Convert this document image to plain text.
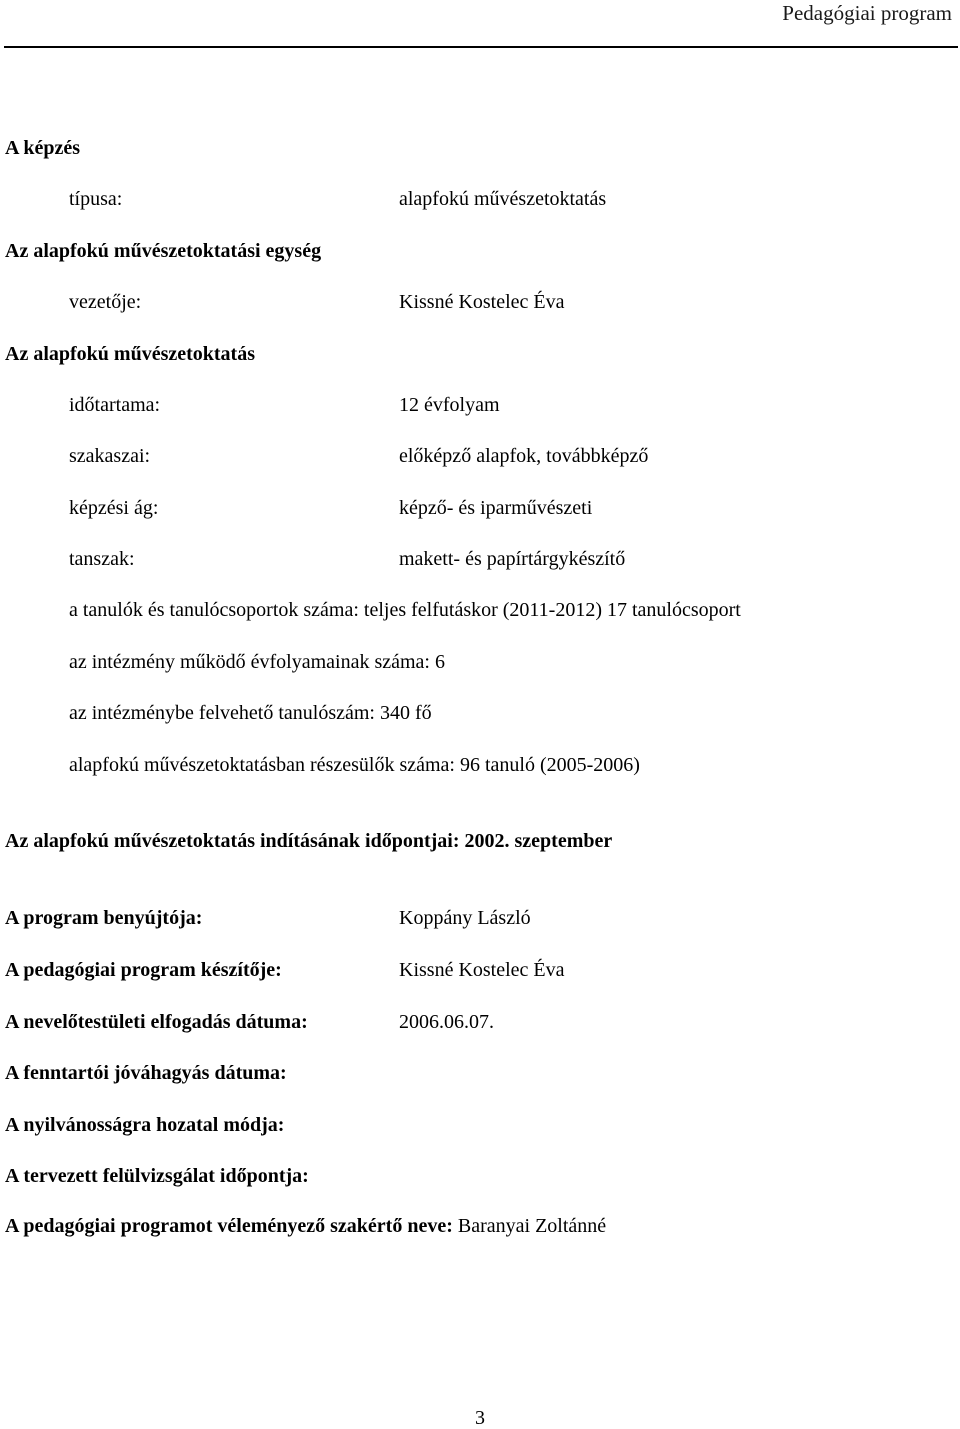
Pedagógiai program
A képzés
típusa:	alapfokú művészetoktatás
Az alapfokú művészetoktatási egység
vezetője:	Kissné Kostelec Éva
Az alapfokú művészetoktatás
időtartama:	12 évfolyam
szakaszai:	előképző alapfok, továbbképző
képzési ág:	képző- és iparművészeti
tanszak:	makett- és papírtárgykészítő
a tanulók és tanulócsoportok száma: teljes felfutáskor (2011-2012) 17 tanulócsoport
az intézmény működő évfolyamainak száma: 6
az intézménybe felvehető tanulószám: 340 fő
alapfokú művészetoktatásban részesülők száma: 96 tanuló (2005-2006)
Az alapfokú művészetoktatás indításának időpontjai: 2002. szeptember
A program benyújtója:	Koppány László
A pedagógiai program készítője:	Kissné Kostelec Éva
A nevelőtestületi elfogadás dátuma:	2006.06.07.
A fenntartói jóváhagyás dátuma:
A nyilvánosságra hozatal módja:
A tervezett felülvizsgálat időpontja:
A pedagógiai programot véleményező szakértő neve: Baranyai Zoltánné
3
